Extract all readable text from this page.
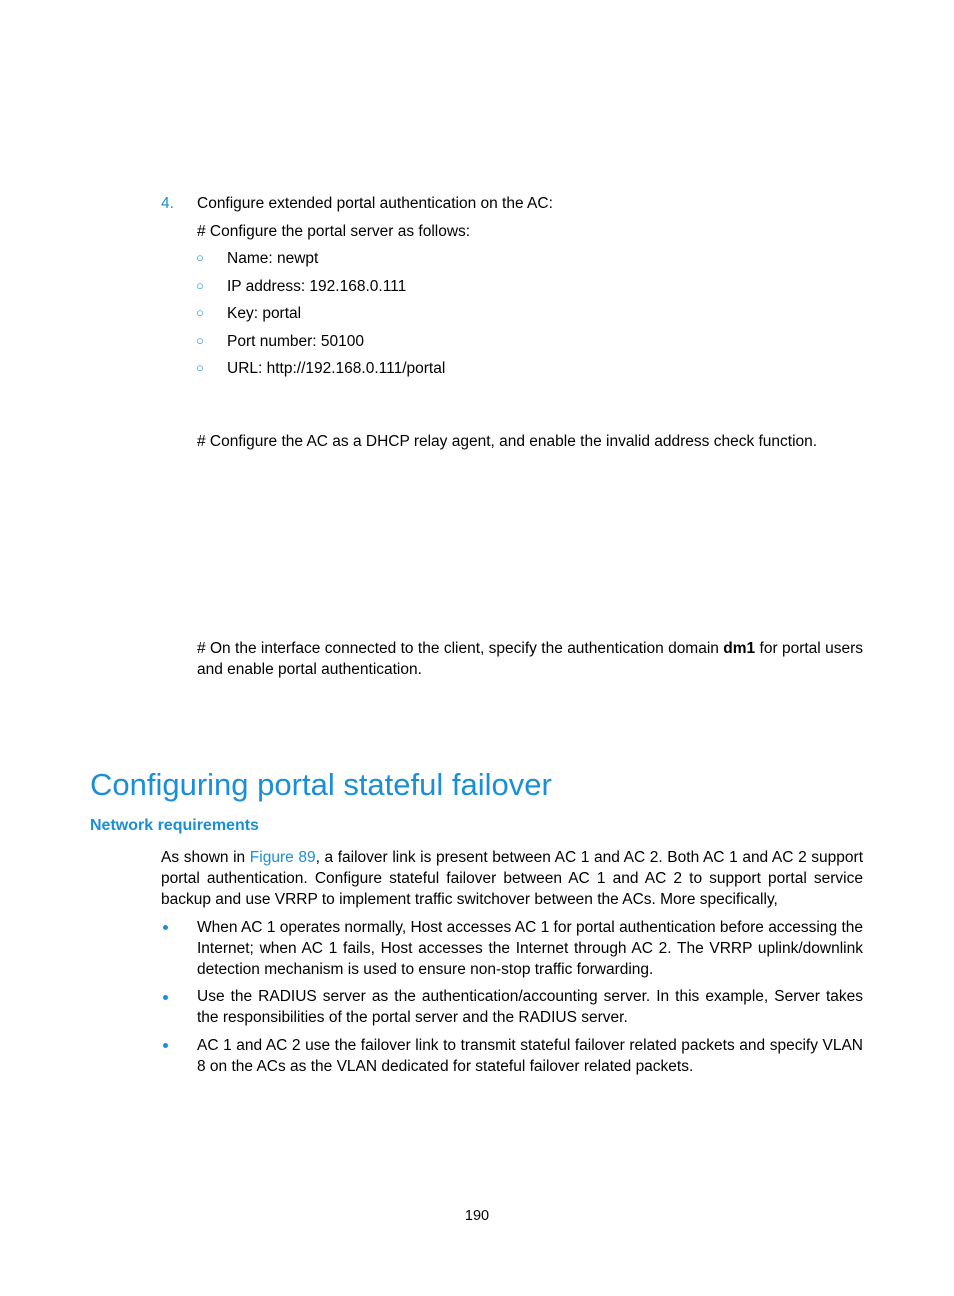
4. Configure extended portal authentication on the AC:
# Configure the portal server as follows:
○ Name: newpt
○ IP address: 192.168.0.111
○ Key: portal
○ Port number: 50100
○ URL: http://192.168.0.111/portal
# Configure the AC as a DHCP relay agent, and enable the invalid address check function.
# On the interface connected to the client, specify the authentication domain dm1 for portal users and enable portal authentication.
Configuring portal stateful failover
Network requirements
As shown in Figure 89, a failover link is present between AC 1 and AC 2. Both AC 1 and AC 2 support portal authentication. Configure stateful failover between AC 1 and AC 2 to support portal service backup and use VRRP to implement traffic switchover between the ACs. More specifically,
When AC 1 operates normally, Host accesses AC 1 for portal authentication before accessing the Internet; when AC 1 fails, Host accesses the Internet through AC 2. The VRRP uplink/downlink detection mechanism is used to ensure non-stop traffic forwarding.
Use the RADIUS server as the authentication/accounting server. In this example, Server takes the responsibilities of the portal server and the RADIUS server.
AC 1 and AC 2 use the failover link to transmit stateful failover related packets and specify VLAN 8 on the ACs as the VLAN dedicated for stateful failover related packets.
190
